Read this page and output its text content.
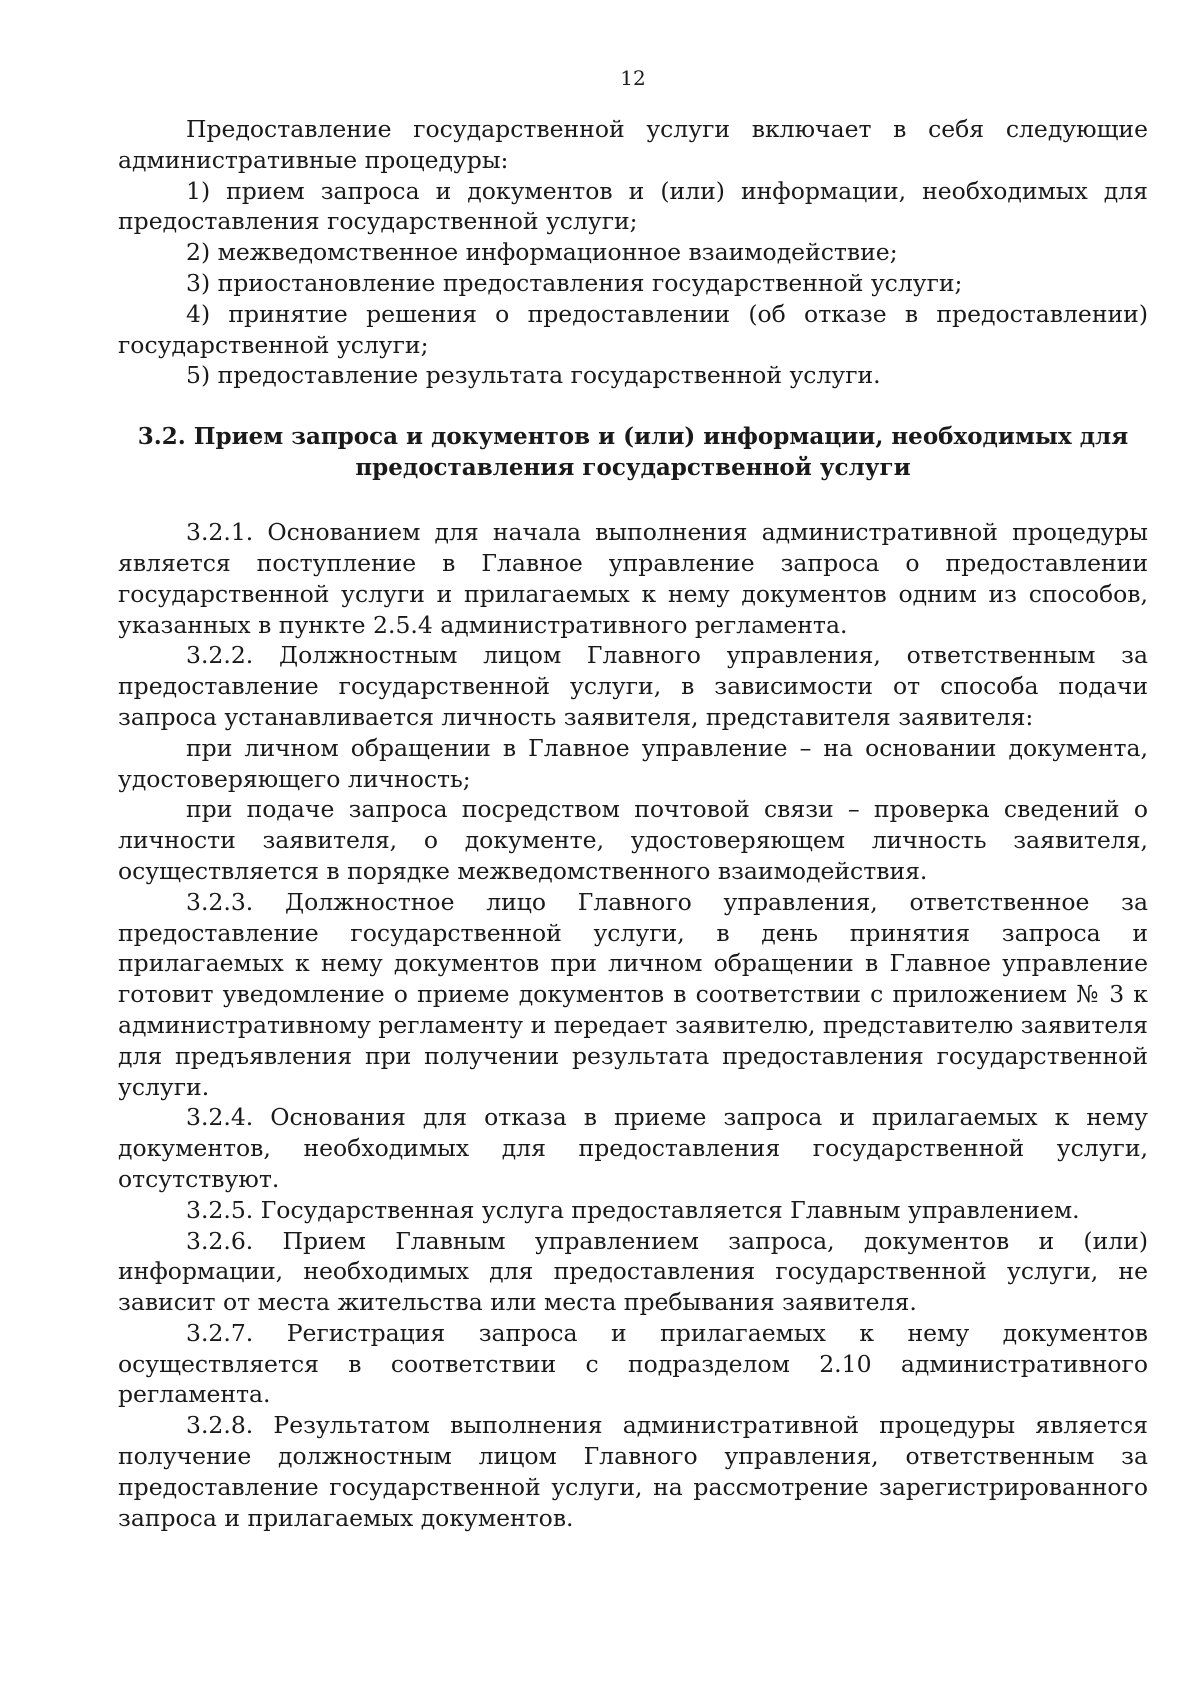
12

Предоставление государственной услуги включает в себя следующие административные процедуры:

1) прием запроса и документов и (или) информации, необходимых для предоставления государственной услуги;

2) межведомственное информационное взаимодействие;

3) приостановление предоставления государственной услуги;

4) принятие решения о предоставлении (об отказе в предоставлении) государственной услуги;

5) предоставление результата государственной услуги.

3.2. Прием запроса и документов и (или) информации, необходимых для предоставления государственной услуги

3.2.1. Основанием для начала выполнения административной процедуры является поступление в Главное управление запроса о предоставлении государственной услуги и прилагаемых к нему документов одним из способов, указанных в пункте 2.5.4 административного регламента.

3.2.2. Должностным лицом Главного управления, ответственным за предоставление государственной услуги, в зависимости от способа подачи запроса устанавливается личность заявителя, представителя заявителя:

при личном обращении в Главное управление – на основании документа, удостоверяющего личность;

при подаче запроса посредством почтовой связи – проверка сведений о личности заявителя, о документе, удостоверяющем личность заявителя, осуществляется в порядке межведомственного взаимодействия.

3.2.3. Должностное лицо Главного управления, ответственное за предоставление государственной услуги, в день принятия запроса и прилагаемых к нему документов при личном обращении в Главное управление готовит уведомление о приеме документов в соответствии с приложением № 3 к административному регламенту и передает заявителю, представителю заявителя для предъявления при получении результата предоставления государственной услуги.

3.2.4. Основания для отказа в приеме запроса и прилагаемых к нему документов, необходимых для предоставления государственной услуги, отсутствуют.

3.2.5. Государственная услуга предоставляется Главным управлением.

3.2.6. Прием Главным управлением запроса, документов и (или) информации, необходимых для предоставления государственной услуги, не зависит от места жительства или места пребывания заявителя.

3.2.7. Регистрация запроса и прилагаемых к нему документов осуществляется в соответствии с подразделом 2.10 административного регламента.

3.2.8. Результатом выполнения административной процедуры является получение должностным лицом Главного управления, ответственным за предоставление государственной услуги, на рассмотрение зарегистрированного запроса и прилагаемых документов.
